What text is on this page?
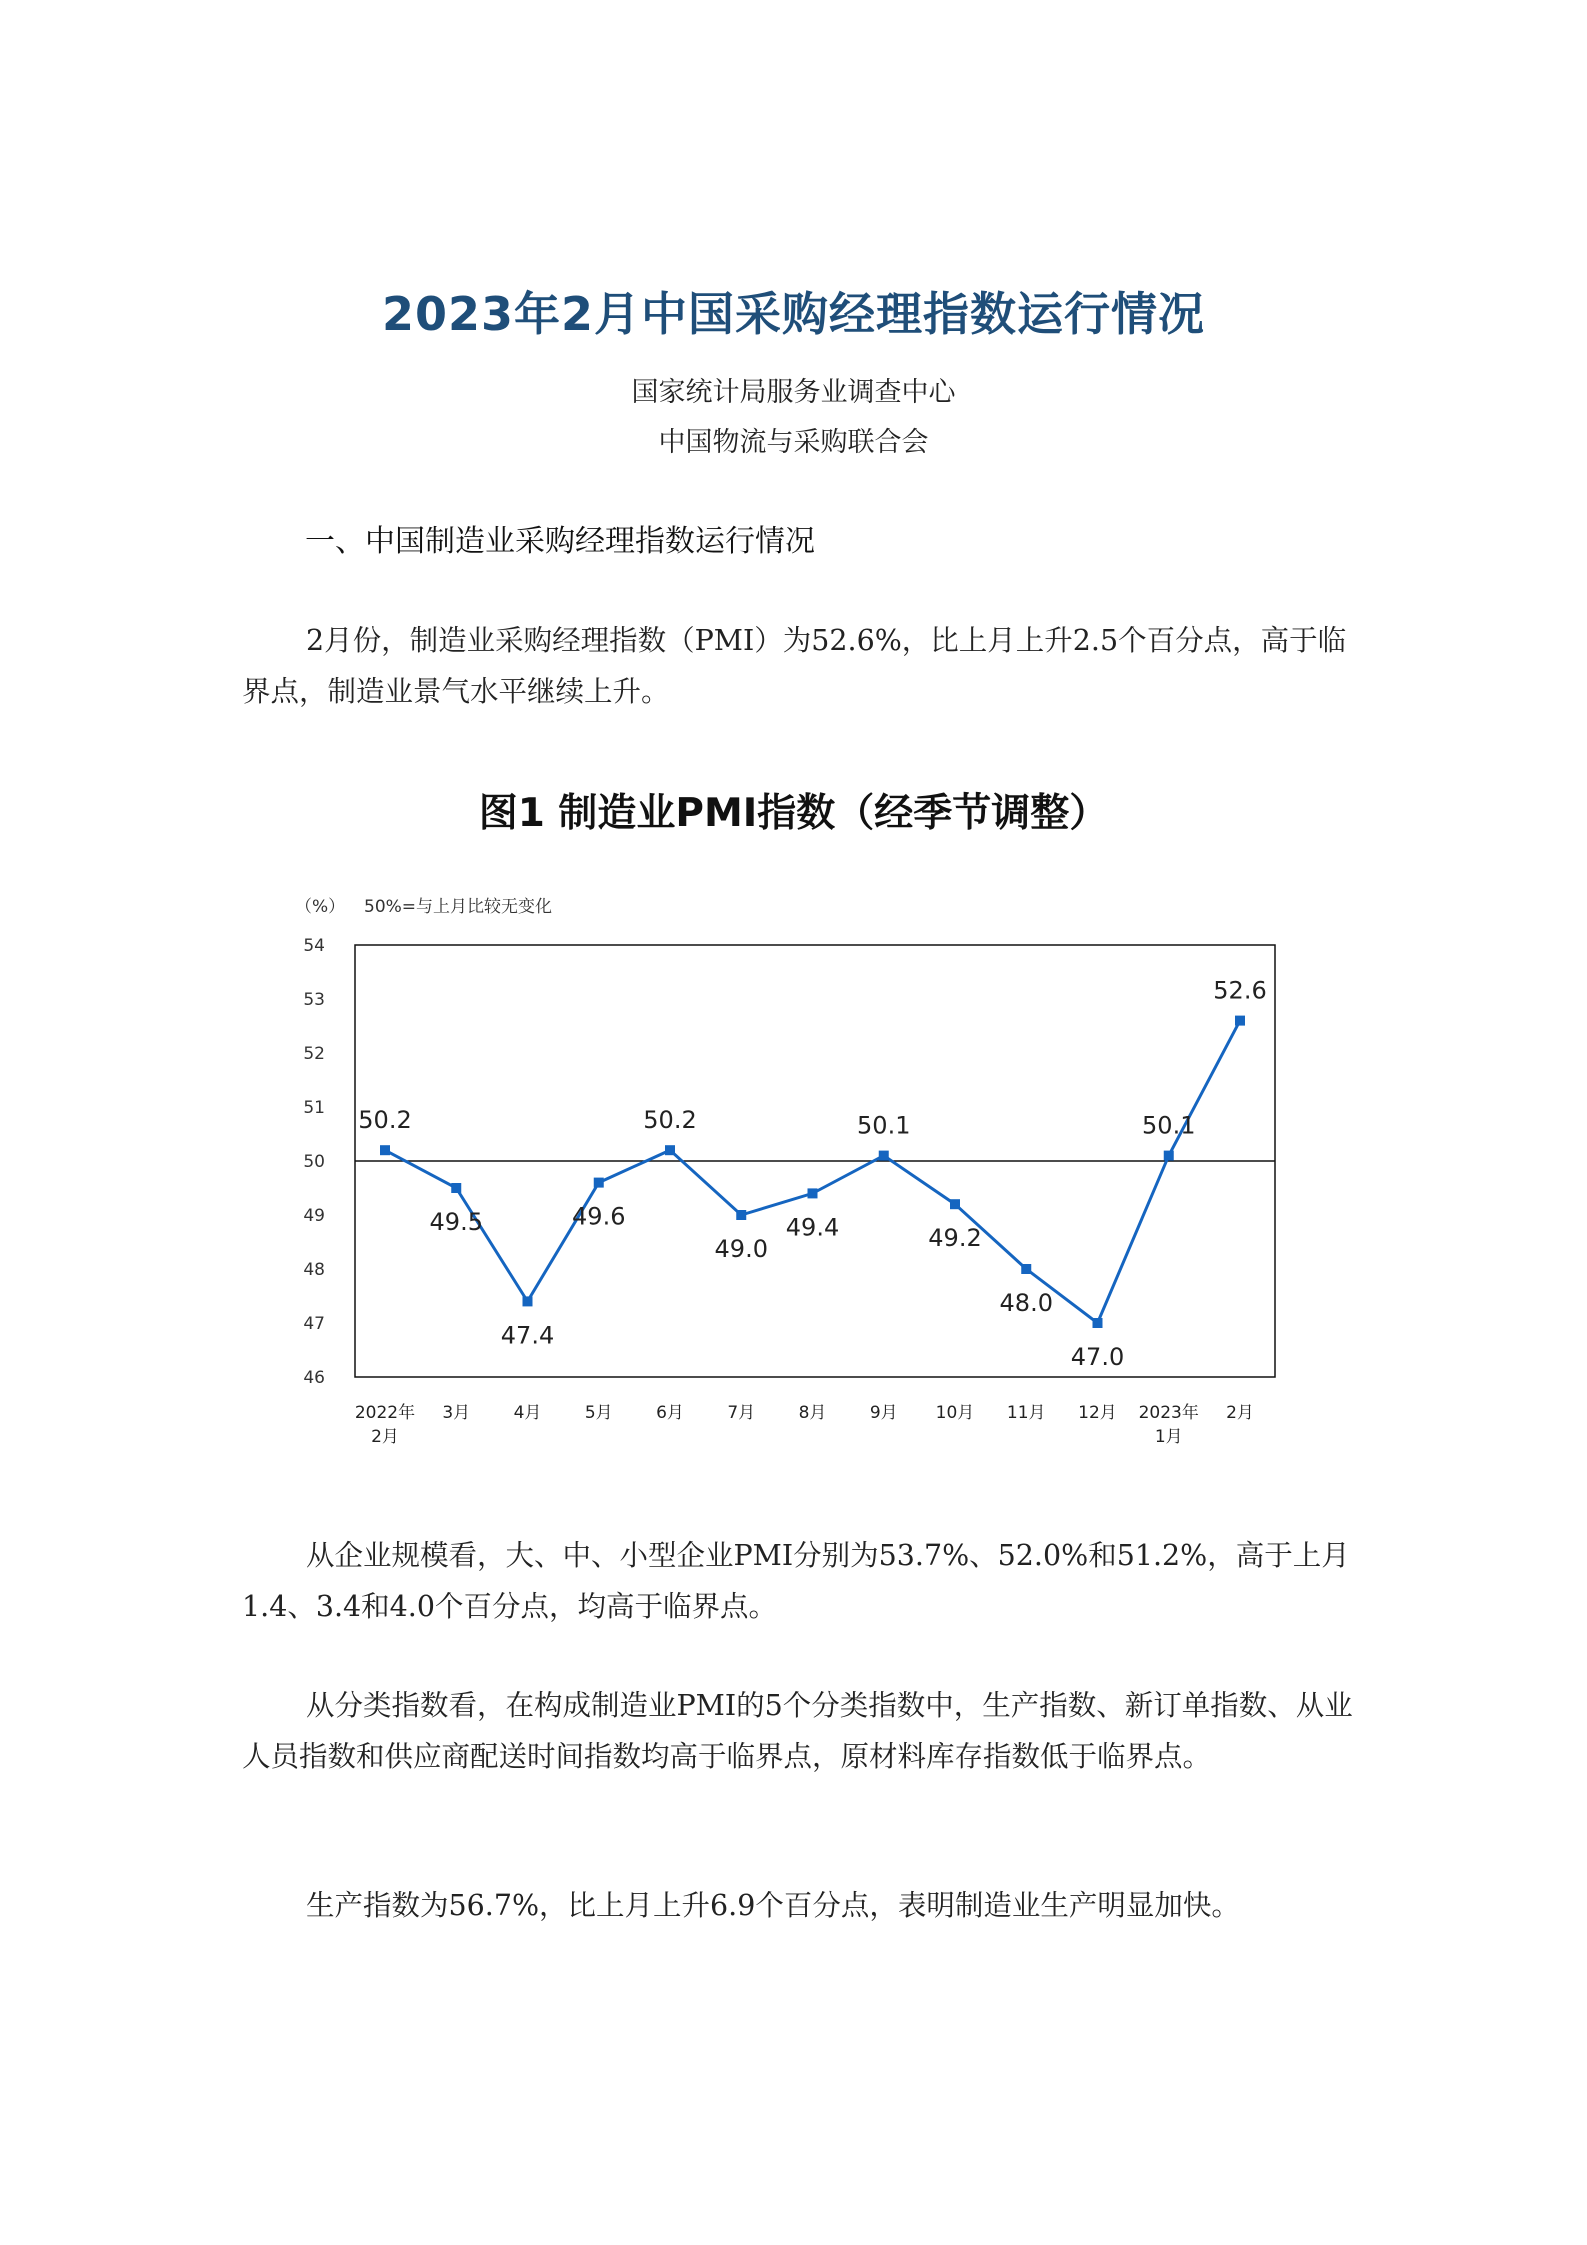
2023年2月中国采购经理指数运行情况
国家统计局服务业调查中心
中国物流与采购联合会
一、中国制造业采购经理指数运行情况
2月份，制造业采购经理指数（PMI）为52.6%，比上月上升2.5个百分点，高于临界点，制造业景气水平继续上升。
图1 制造业PMI指数（经季节调整）
（%） 50%=与上月比较无变化
46
47
48
49
50
51
52
53
54
50.2
49.5
47.4
49.6
50.2
49.0
49.4
50.1
49.2
48.0
47.0
50.1
52.6
2022年
2月
3月	4月	5月	6月	7月	8月	9月 10月 11月 12月 2023年
1月
2月
从企业规模看，大、中、小型企业PMI分别为53.7%、52.0%和51.2%，高于上月1.4、3.4和4.0个百分点，均高于临界点。
从分类指数看，在构成制造业PMI的5个分类指数中，生产指数、新订单指数、从业人员指数和供应商配送时间指数均高于临界点，原材料库存指数低于临界点。
生产指数为56.7%，比上月上升6.9个百分点，表明制造业生产明显加快。
